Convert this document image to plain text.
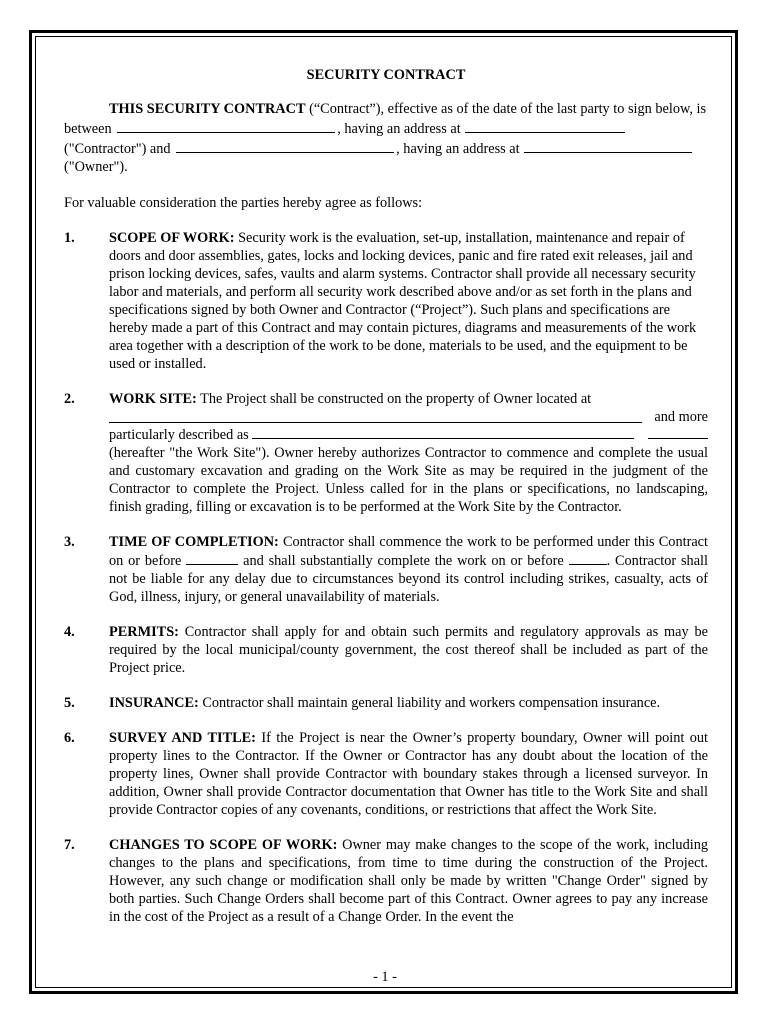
SECURITY CONTRACT

THIS SECURITY CONTRACT (“Contract”), effective as of the date of the last party to sign below, is between	, having an address at
("Contractor") and	, having an address at
("Owner").

For valuable consideration the parties hereby agree as follows:

1. SCOPE OF WORK: Security work is the evaluation, set-up, installation, maintenance and repair of doors and door assemblies, gates, locks and locking devices, panic and fire rated exit releases, jail and prison locking devices, safes, vaults and alarm systems. Contractor shall provide all necessary security labor and materials, and perform all security work described above and/or as set forth in the plans and specifications signed by both Owner and Contractor (“Project”). Such plans and specifications are hereby made a part of this Contract and may contain pictures, diagrams and measurements of the work area together with a description of the work to be done, materials to be used, and the equipment to be used or installed.

2. WORK SITE: The Project shall be constructed on the property of Owner located at

and more

particularly described as

(hereafter "the Work Site"). Owner hereby authorizes Contractor to commence and complete the usual and customary excavation and grading on the Work Site as may be required in the judgment of the Contractor to complete the Project. Unless called for in the plans or specifications, no landscaping, finish grading, filling or excavation is to be performed at the Work Site by the Contractor.

3. TIME OF COMPLETION: Contractor shall commence the work to be performed under this Contract on or before	and shall substantially complete the work on or before	. Contractor shall not be liable for any delay due to circumstances beyond its control including strikes, casualty, acts of God, illness, injury, or general unavailability of materials.

4. PERMITS: Contractor shall apply for and obtain such permits and regulatory approvals as may be required by the local municipal/county government, the cost thereof shall be included as part of the Project price.

5. INSURANCE: Contractor shall maintain general liability and workers compensation insurance.

6. SURVEY AND TITLE: If the Project is near the Owner’s property boundary, Owner will point out property lines to the Contractor. If the Owner or Contractor has any doubt about the location of the property lines, Owner shall provide Contractor with boundary stakes through a licensed surveyor. In addition, Owner shall provide Contractor documentation that Owner has title to the Work Site and shall provide Contractor copies of any covenants, conditions, or restrictions that affect the Work Site.

7. CHANGES TO SCOPE OF WORK: Owner may make changes to the scope of the work, including changes to the plans and specifications, from time to time during the construction of the Project. However, any such change or modification shall only be made by written "Change Order" signed by both parties. Such Change Orders shall become part of this Contract. Owner agrees to pay any increase in the cost of the Project as a result of a Change Order. In the event the

- 1 -
